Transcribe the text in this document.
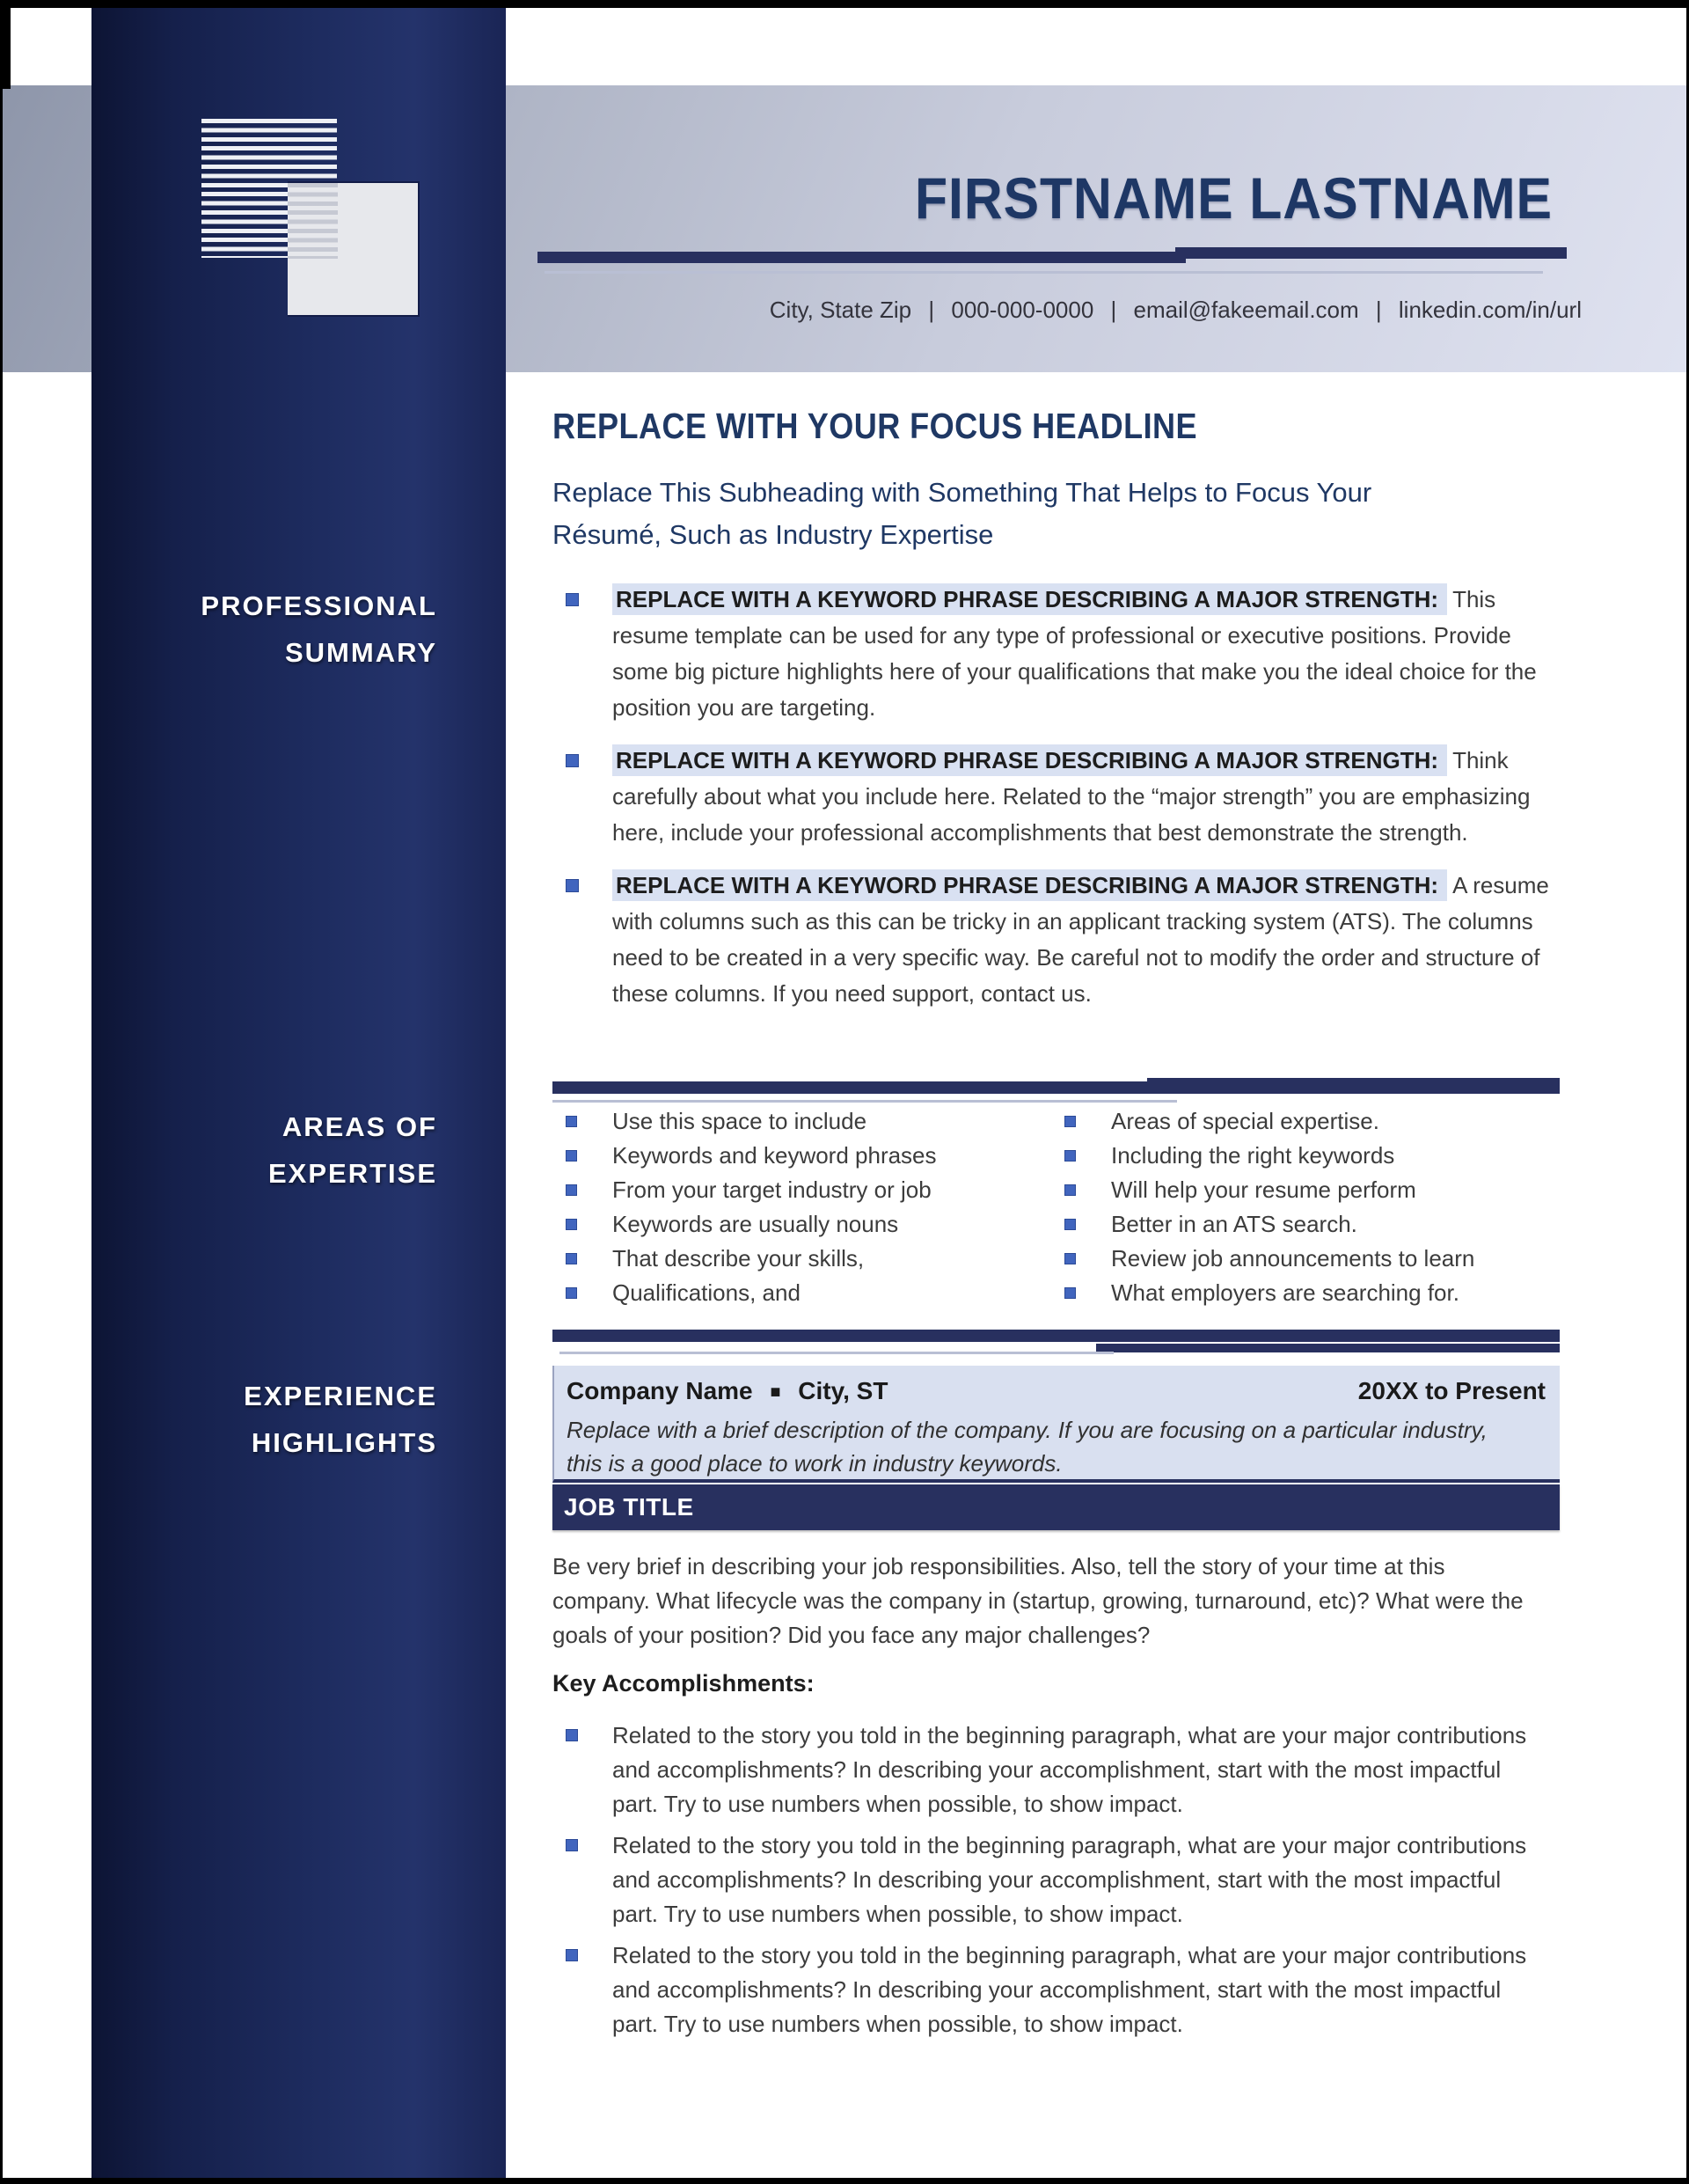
PROFESSIONAL
SUMMARY
AREAS OF
EXPERTISE
EXPERIENCE
HIGHLIGHTS
FIRSTNAME LASTNAME
City, State Zip | 000-000-0000 | email@fakeemail.com | linkedin.com/in/url
REPLACE WITH YOUR FOCUS HEADLINE
Replace This Subheading with Something That Helps to Focus Your Résumé, Such as Industry Expertise
REPLACE WITH A KEYWORD PHRASE DESCRIBING A MAJOR STRENGTH: This resume template can be used for any type of professional or executive positions. Provide some big picture highlights here of your qualifications that make you the ideal choice for the position you are targeting.
REPLACE WITH A KEYWORD PHRASE DESCRIBING A MAJOR STRENGTH: Think carefully about what you include here. Related to the “major strength” you are emphasizing here, include your professional accomplishments that best demonstrate the strength.
REPLACE WITH A KEYWORD PHRASE DESCRIBING A MAJOR STRENGTH: A resume with columns such as this can be tricky in an applicant tracking system (ATS). The columns need to be created in a very specific way. Be careful not to modify the order and structure of these columns. If you need support, contact us.
Use this space to include
Keywords and keyword phrases
From your target industry or job
Keywords are usually nouns
That describe your skills,
Qualifications, and
Areas of special expertise.
Including the right keywords
Will help your resume perform
Better in an ATS search.
Review job announcements to learn
What employers are searching for.
Company Name ■ City, ST	20XX to Present
Replace with a brief description of the company. If you are focusing on a particular industry, this is a good place to work in industry keywords.
JOB TITLE
Be very brief in describing your job responsibilities. Also, tell the story of your time at this company. What lifecycle was the company in (startup, growing, turnaround, etc)? What were the goals of your position? Did you face any major challenges?
Key Accomplishments:
Related to the story you told in the beginning paragraph, what are your major contributions and accomplishments? In describing your accomplishment, start with the most impactful part. Try to use numbers when possible, to show impact.
Related to the story you told in the beginning paragraph, what are your major contributions and accomplishments? In describing your accomplishment, start with the most impactful part. Try to use numbers when possible, to show impact.
Related to the story you told in the beginning paragraph, what are your major contributions and accomplishments? In describing your accomplishment, start with the most impactful part. Try to use numbers when possible, to show impact.
